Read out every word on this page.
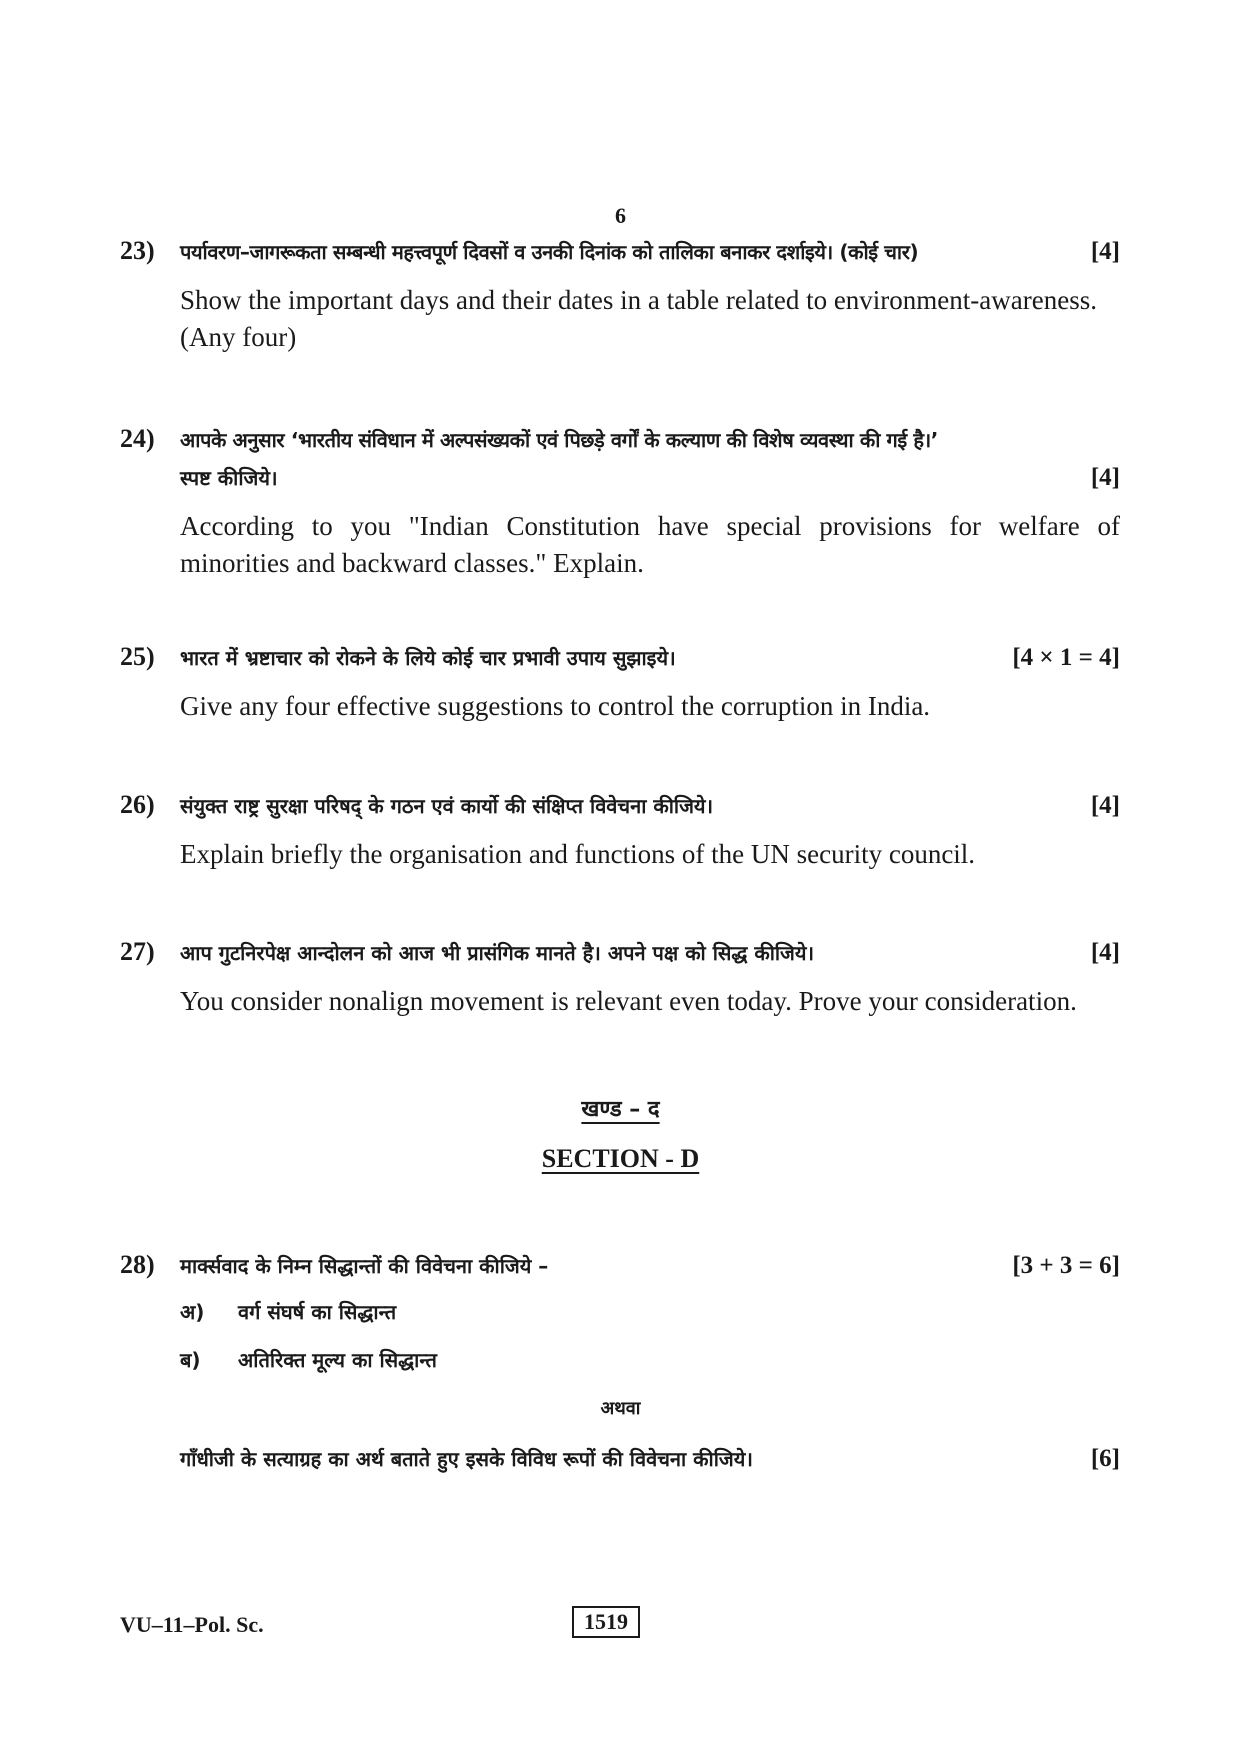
6
23)	पर्यावरण–जागरूकता सम्बन्धी महत्त्वपूर्ण दिवसों व उनकी दिनांक को तालिका बनाकर दर्शाइये। (कोई चार)	[4]
Show the important days and their dates in a table related to environment-awareness. (Any four)
24)	आपके अनुसार ‘भारतीय संविधान में अल्पसंख्यकों एवं पिछड़े वर्गों के कल्याण की विशेष व्यवस्था की गई है।’
स्पष्ट कीजिये।	[4]
According to you "Indian Constitution have special provisions for welfare of minorities and backward classes." Explain.
25)	भारत में भ्रष्टाचार को रोकने के लिये कोई चार प्रभावी उपाय सुझाइये।	[4 × 1 = 4]
Give any four effective suggestions to control the corruption in India.
26)	संयुक्त राष्ट्र सुरक्षा परिषद् के गठन एवं कार्यो की संक्षिप्त विवेचना कीजिये।	[4]
Explain briefly the organisation and functions of the UN security council.
27)	आप गुटनिरपेक्ष आन्दोलन को आज भी प्रासंगिक मानते है। अपने पक्ष को सिद्ध कीजिये।	[4]
You consider nonalign movement is relevant even today. Prove your consideration.
खण्ड – द
SECTION - D
28)	मार्क्सवाद के निम्न सिद्धान्तों की विवेचना कीजिये –	[3 + 3 = 6]
अ)	वर्ग संघर्ष का सिद्धान्त
ब)	अतिरिक्त मूल्य का सिद्धान्त
अथवा
गाँधीजी के सत्याग्रह का अर्थ बताते हुए इसके विविध रूपों की विवेचना कीजिये।	[6]
VU–11–Pol. Sc.	1519
